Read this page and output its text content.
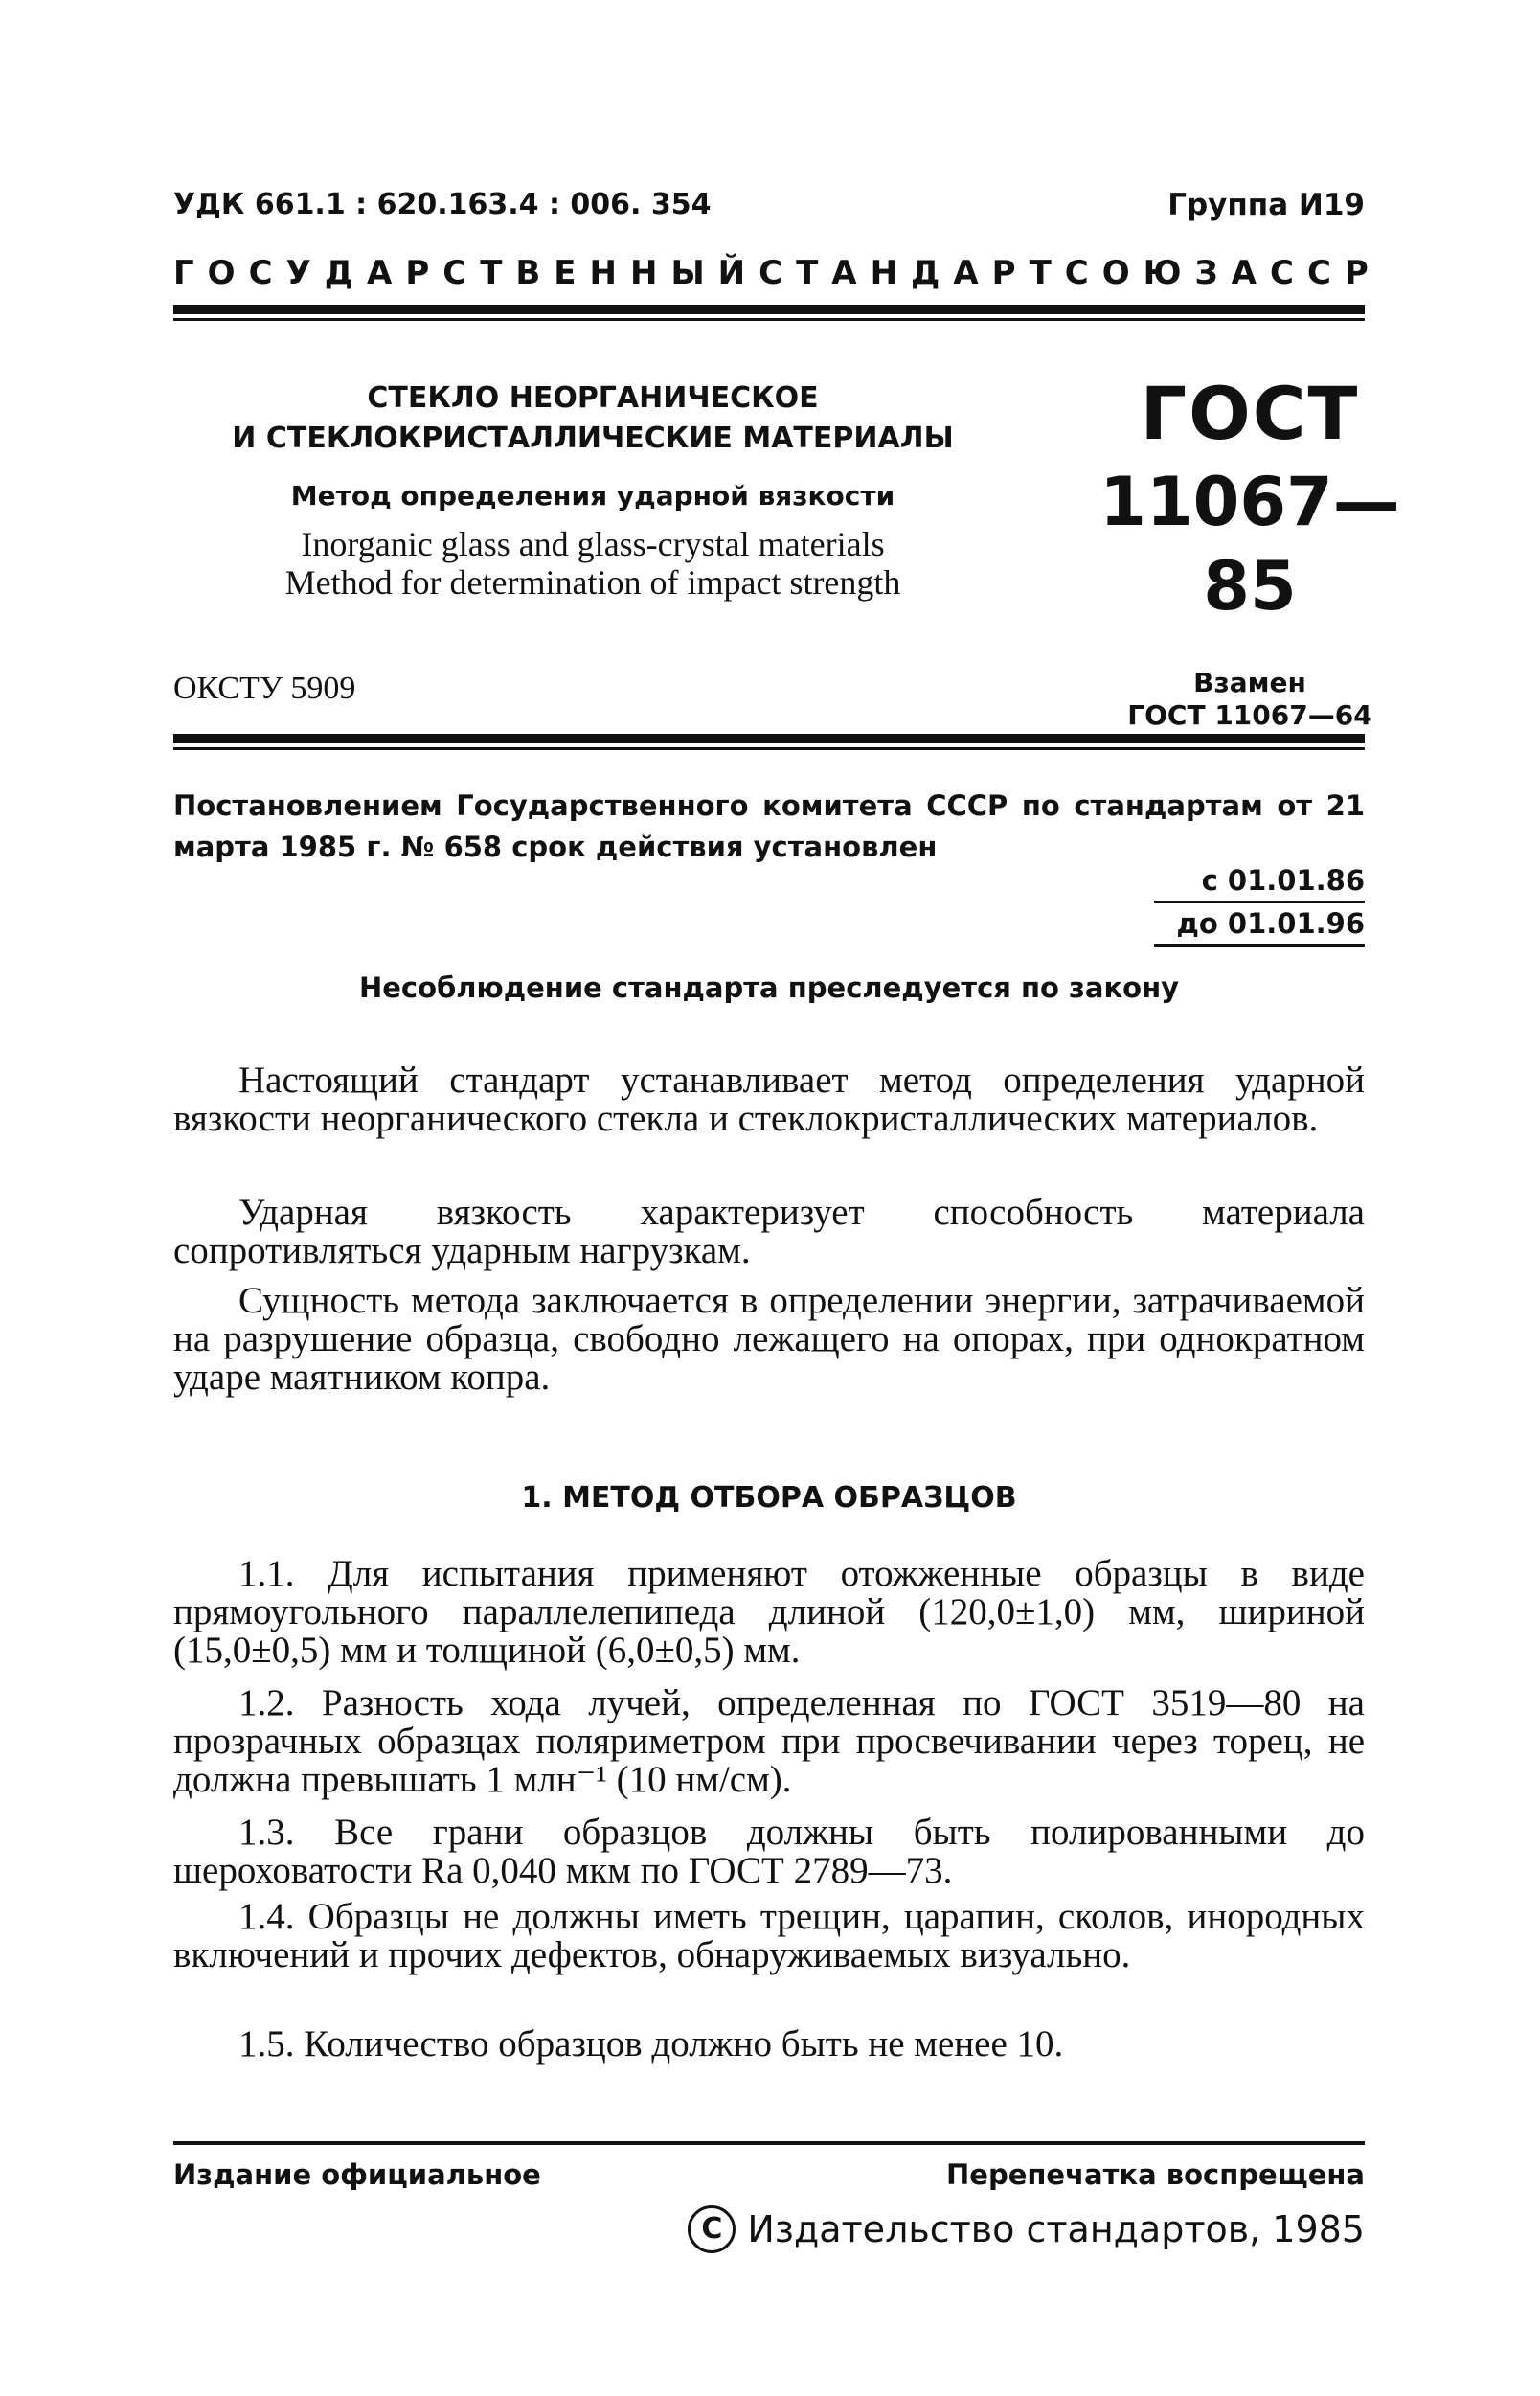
УДК 661.1 : 620.163.4 : 006. 354	Группа И19
ГОСУДАРСТВЕННЫЙ СТАНДАРТ СОЮЗА ССР
СТЕКЛО НЕОРГАНИЧЕСКОЕ
И СТЕКЛОКРИСТАЛЛИЧЕСКИЕ МАТЕРИАЛЫ
Метод определения ударной вязкости
Inorganic glass and glass-crystal materials
Method for determination of impact strength
ГОСТ
11067—85
Взамен
ГОСТ 11067—64
ОКСТУ 5909
Постановлением Государственного комитета СССР по стандартам от 21 марта 1985 г. № 658 срок действия установлен
с 01.01.86
до 01.01.96
Несоблюдение стандарта преследуется по закону
Настоящий стандарт устанавливает метод определения ударной вязкости неорганического стекла и стеклокристаллических материалов.
Ударная вязкость характеризует способность материала сопротивляться ударным нагрузкам.
Сущность метода заключается в определении энергии, затрачиваемой на разрушение образца, свободно лежащего на опорах, при однократном ударе маятником копра.
1. МЕТОД ОТБОРА ОБРАЗЦОВ
1.1. Для испытания применяют отожженные образцы в виде прямоугольного параллелепипеда длиной (120,0±1,0) мм, шириной (15,0±0,5) мм и толщиной (6,0±0,5) мм.
1.2. Разность хода лучей, определенная по ГОСТ 3519—80 на прозрачных образцах поляриметром при просвечивании через торец, не должна превышать 1 млн⁻¹ (10 нм/см).
1.3. Все грани образцов должны быть полированными до шероховатости Ra 0,040 мкм по ГОСТ 2789—73.
1.4. Образцы не должны иметь трещин, царапин, сколов, инородных включений и прочих дефектов, обнаруживаемых визуально.
1.5. Количество образцов должно быть не менее 10.
Издание официальное	Перепечатка воспрещена
C Издательство стандартов, 1985
